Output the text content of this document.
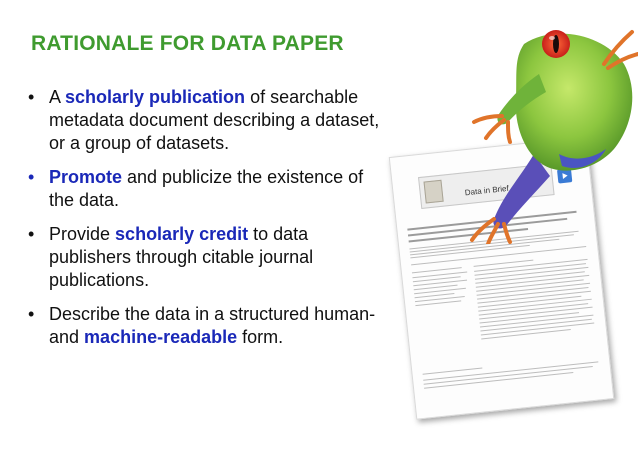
RATIONALE FOR DATA PAPER
• A scholarly publication of searchable metadata document describing a dataset, or a group of datasets.
• Promote and publicize the existence of the data.
• Provide scholarly credit to data publishers through citable journal publications.
• Describe the data in a structured human- and machine-readable form.
Data in Brief
